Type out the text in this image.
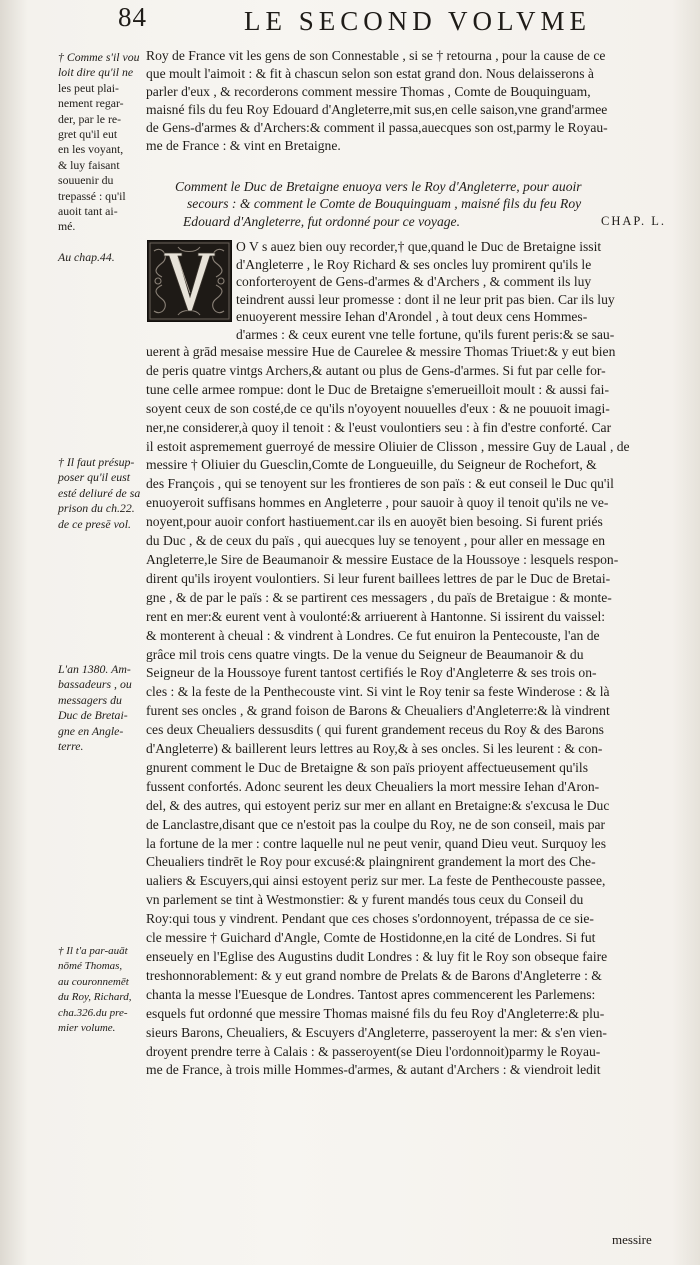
84	LE SECOND VOLVME
Roy de France vit les gens de son Connestable , si se † retourna , pour la cause de ce
que moult l'aimoit : & fit à chascun selon son estat grand don. Nous delaisserons à
parler d'eux , & recorderons comment messire Thomas , Comte de Bouquinguam,
maisné fils du feu Roy Edouard d'Angleterre,mit sus,en celle saison,vne grand'armee
de Gens-d'armes & d'Archers:& comment il passa,auecques son ost,parmy le Royau-
me de France : & vint en Bretaigne.
† Comme s'il vou
loit dire qu'il ne
les peut plai-
nement regar-
der, par le re-
gret qu'il eut
en les voyant,
& luy faisant
souuenir du
trepassé : qu'il
auoit tant ai-
mé.
Comment le Duc de Bretaigne enuoya vers le Roy d'Angleterre, pour auoir
secours : & comment le Comte de Bouquinguam , maisné fils du feu Roy
Edouard d'Angleterre, fut ordonné pour ce voyage.	CHAP. L.
Au chap.44.
O V s auez bien ouy recorder,† que,quand le Duc de Bretaigne issit
d'Angleterre , le Roy Richard & ses oncles luy promirent qu'ils le
conforteroyent de Gens-d'armes & d'Archers , & comment ils luy
teindrent aussi leur promesse : dont il ne leur prit pas bien. Car ils luy
enuoyerent messire Iehan d'Arondel , à tout deux cens Hommes-
d'armes : & ceux eurent vne telle fortune, qu'ils furent peris:& se sau-
uerent à grād mesaise messire Hue de Caurelee & messire Thomas Triuet:& y eut bien
de peris quatre vintgs Archers,& autant ou plus de Gens-d'armes. Si fut par celle for-
tune celle armee rompue: dont le Duc de Bretaigne s'emerueilloit moult : & aussi fai-
soyent ceux de son costé,de ce qu'ils n'oyoyent nouuelles d'eux : & ne pouuoit imagi-
ner,ne considerer,à quoy il tenoit : & l'eust voulontiers seu : à fin d'estre conforté. Car
il estoit aspremement guerroyé de messire Oliuier de Clisson , messire Guy de Laual , de
messire † Oliuier du Guesclin,Comte de Longueuille, du Seigneur de Rochefort, &
des François , qui se tenoyent sur les frontieres de son païs : & eut conseil le Duc qu'il
enuoyeroit suffisans hommes en Angleterre , pour sauoir à quoy il tenoit qu'ils ne ve-
noyent,pour auoir confort hastiuement.car ils en auoyēt bien besoing. Si furent priés
du Duc , & de ceux du païs , qui auecques luy se tenoyent , pour aller en message en
Angleterre,le Sire de Beaumanoir & messire Eustace de la Houssoye : lesquels respon-
dirent qu'ils iroyent voulontiers. Si leur furent baillees lettres de par le Duc de Bretai-
gne , & de par le païs : & se partirent ces messagers , du païs de Bretaigue : & monte-
rent en mer:& eurent vent à voulonté:& arriuerent à Hantonne. Si issirent du vaissel:
& monterent à cheual : & vindrent à Londres. Ce fut enuiron la Pentecouste, l'an de
grâce mil trois cens quatre vingts. De la venue du Seigneur de Beaumanoir & du
Seigneur de la Houssoye furent tantost certifiés le Roy d'Angleterre & ses trois on-
cles : & la feste de la Penthecouste vint. Si vint le Roy tenir sa feste Winderose : & là
furent ses oncles , & grand foison de Barons & Cheualiers d'Angleterre:& là vindrent
ces deux Cheualiers dessusdits ( qui furent grandement receus du Roy & des Barons
d'Angleterre) & baillerent leurs lettres au Roy,& à ses oncles. Si les leurent : & con-
gnurent comment le Duc de Bretaigne & son païs prioyent affectueusement qu'ils
fussent confortés. Adonc seurent les deux Cheualiers la mort messire Iehan d'Aron-
del, & des autres, qui estoyent periz sur mer en allant en Bretaigne:& s'excusa le Duc
de Lanclastre,disant que ce n'estoit pas la coulpe du Roy, ne de son conseil, mais par
la fortune de la mer : contre laquelle nul ne peut venir, quand Dieu veut. Surquoy les
Cheualiers tindrēt le Roy pour excusé:& plaingnirent grandement la mort des Che-
ualiers & Escuyers,qui ainsi estoyent periz sur mer. La feste de Penthecouste passee,
vn parlement se tint à Westmonstier: & y furent mandés tous ceux du Conseil du
Roy:qui tous y vindrent. Pendant que ces choses s'ordonnoyent, trépassa de ce sie-
cle messire † Guichard d'Angle, Comte de Hostidonne,en la cité de Londres. Si fut
enseuely en l'Eglise des Augustins dudit Londres : & luy fit le Roy son obseque faire
treshonnorablement: & y eut grand nombre de Prelats & de Barons d'Angleterre : &
chanta la messe l'Euesque de Londres. Tantost apres commencerent les Parlemens:
esquels fut ordonné que messire Thomas maisné fils du feu Roy d'Angleterre:& plu-
sieurs Barons, Cheualiers, & Escuyers d'Angleterre, passeroyent la mer: & s'en vien-
droyent prendre terre à Calais : & passeroyent(se Dieu l'ordonnoit)parmy le Royau-
me de France, à trois mille Hommes-d'armes, & autant d'Archers : & viendroit ledit
† Il faut présup-
poser qu'il eust
esté deliuré de sa
prison du ch.22.
de ce presē vol.
L'an 1380. Am-
bassadeurs , ou
messagers du
Duc de Bretai-
gne en Angle-
terre.
† Il t'a par-auāt
nōmé Thomas,
au couronnemēt
du Roy, Richard,
cha.326.du pre-
mier volume.
messire
